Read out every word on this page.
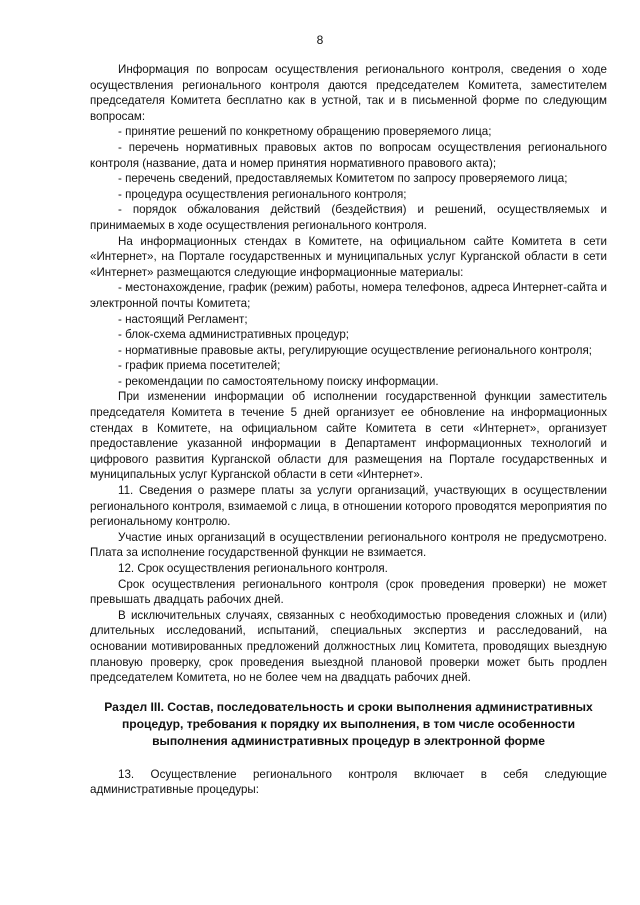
8

Информация по вопросам осуществления регионального контроля, сведения о ходе осуществления регионального контроля даются председателем Комитета, заместителем председателя Комитета бесплатно как в устной, так и в письменной форме по следующим вопросам:

- принятие решений по конкретному обращению проверяемого лица;

- перечень нормативных правовых актов по вопросам осуществления регионального контроля (название, дата и номер принятия нормативного правового акта);

- перечень сведений, предоставляемых Комитетом по запросу проверяемого лица;

- процедура осуществления регионального контроля;

- порядок обжалования действий (бездействия) и решений, осуществляемых и принимаемых в ходе осуществления регионального контроля.

На информационных стендах в Комитете, на официальном сайте Комитета в сети «Интернет», на Портале государственных и муниципальных услуг Курганской области в сети «Интернет» размещаются следующие информационные материалы:

- местонахождение, график (режим) работы, номера телефонов, адреса Интернет-сайта и электронной почты Комитета;

- настоящий Регламент;

- блок-схема административных процедур;

- нормативные правовые акты, регулирующие осуществление регионального контроля;

- график приема посетителей;

- рекомендации по самостоятельному поиску информации.

При изменении информации об исполнении государственной функции заместитель председателя Комитета в течение 5 дней организует ее обновление на информационных стендах в Комитете, на официальном сайте Комитета в сети «Интернет», организует предоставление указанной информации в Департамент информационных технологий и цифрового развития Курганской области для размещения на Портале государственных и муниципальных услуг Курганской области в сети «Интернет».

11. Сведения о размере платы за услуги организаций, участвующих в осуществлении регионального контроля, взимаемой с лица, в отношении которого проводятся мероприятия по региональному контролю.

Участие иных организаций в осуществлении регионального контроля не предусмотрено. Плата за исполнение государственной функции не взимается.

12. Срок осуществления регионального контроля.

Срок осуществления регионального контроля (срок проведения проверки) не может превышать двадцать рабочих дней.

В исключительных случаях, связанных с необходимостью проведения сложных и (или) длительных исследований, испытаний, специальных экспертиз и расследований, на основании мотивированных предложений должностных лиц Комитета, проводящих выездную плановую проверку, срок проведения выездной плановой проверки может быть продлен председателем Комитета, но не более чем на двадцать рабочих дней.

Раздел III. Состав, последовательность и сроки выполнения административных процедур, требования к порядку их выполнения, в том числе особенности выполнения административных процедур в электронной форме

13. Осуществление регионального контроля включает в себя следующие административные процедуры:
